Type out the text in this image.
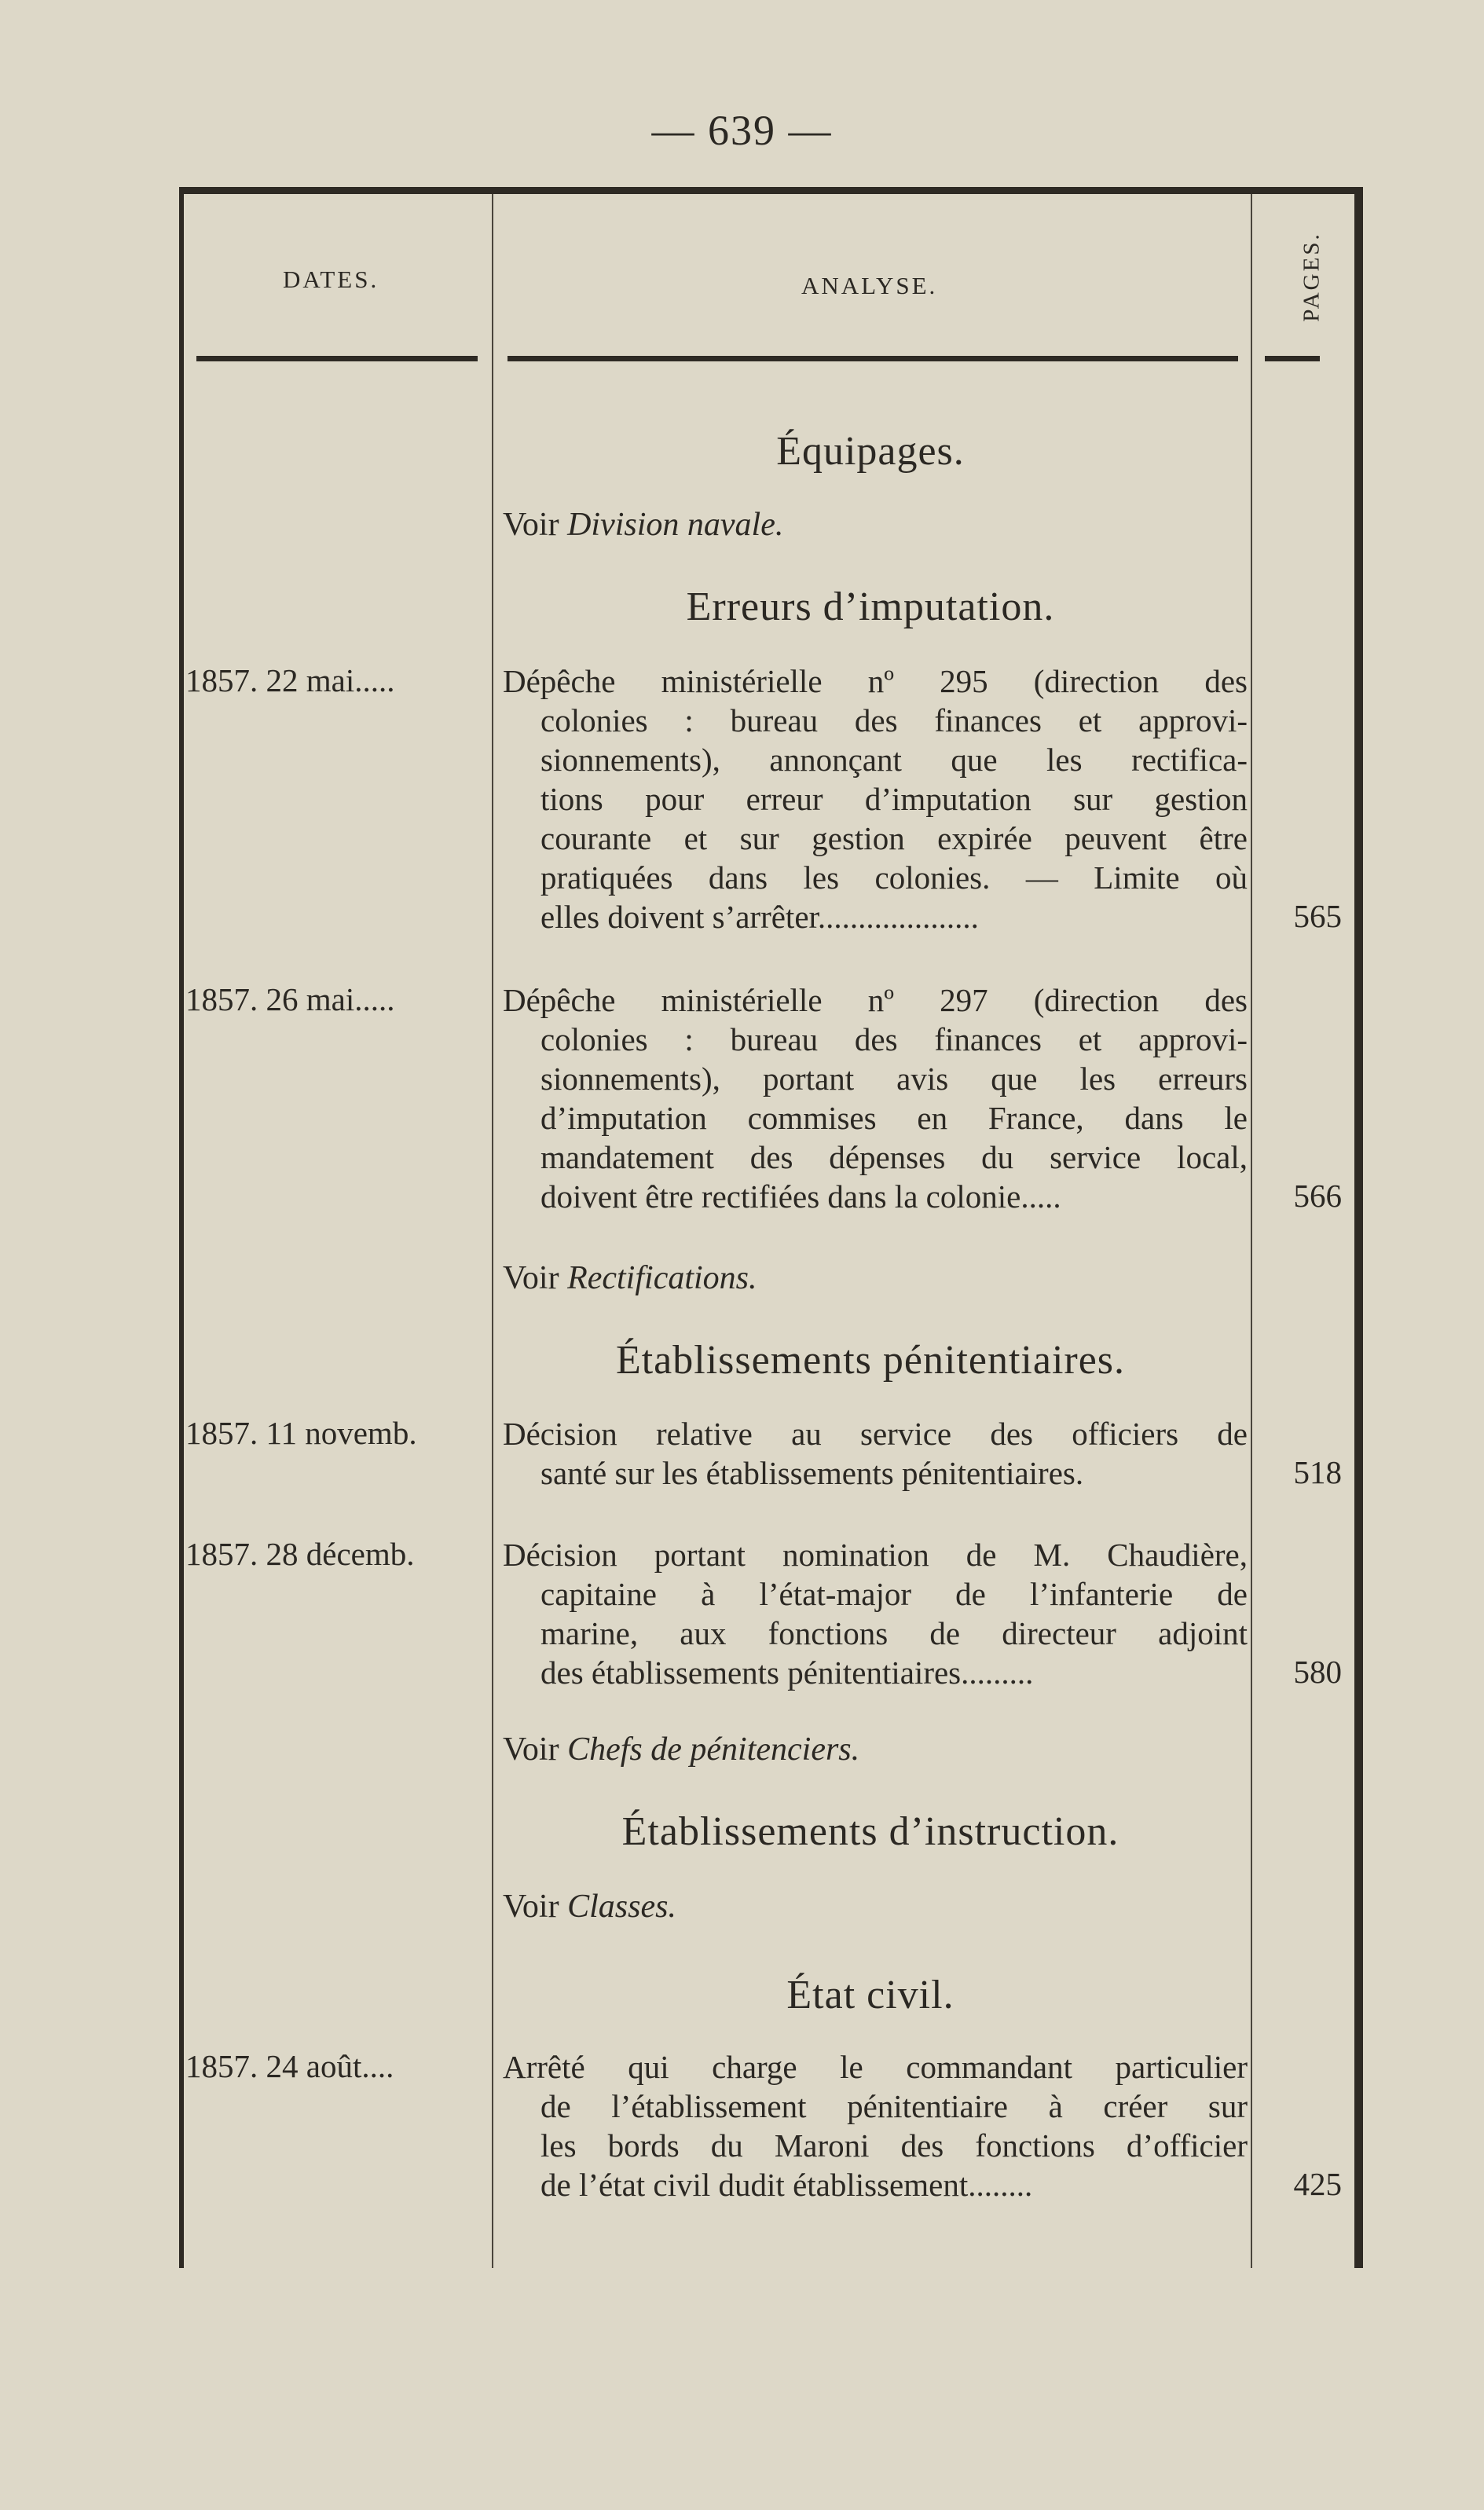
— 639 —
DATES.	ANALYSE.	PAGES.
Équipages.
Voir Division navale.
Erreurs d’imputation.
1857. 22 mai.....	Dépêche ministérielle nº 295 (direction des
colonies : bureau des finances et approvi-
sionnements), annonçant que les rectifica-
tions pour erreur d’imputation sur gestion
courante et sur gestion expirée peuvent être
pratiquées dans les colonies. — Limite où
elles doivent s’arrêter....................	565
1857. 26 mai.....	Dépêche ministérielle nº 297 (direction des
colonies : bureau des finances et approvi-
sionnements), portant avis que les erreurs
d’imputation commises en France, dans le
mandatement des dépenses du service local,
doivent être rectifiées dans la colonie.....	566
Voir Rectifications.
Établissements pénitentiaires.
1857. 11 novemb.	Décision relative au service des officiers de
santé sur les établissements pénitentiaires.	518
1857. 28 décemb.	Décision portant nomination de M. Chaudière,
capitaine à l’état-major de l’infanterie de
marine, aux fonctions de directeur adjoint
des établissements pénitentiaires.........	580
Voir Chefs de pénitenciers.
Établissements d’instruction.
Voir Classes.
État civil.
1857. 24 août....	Arrêté qui charge le commandant particulier
de l’établissement pénitentiaire à créer sur
les bords du Maroni des fonctions d’officier
de l’état civil dudit établissement........	425
